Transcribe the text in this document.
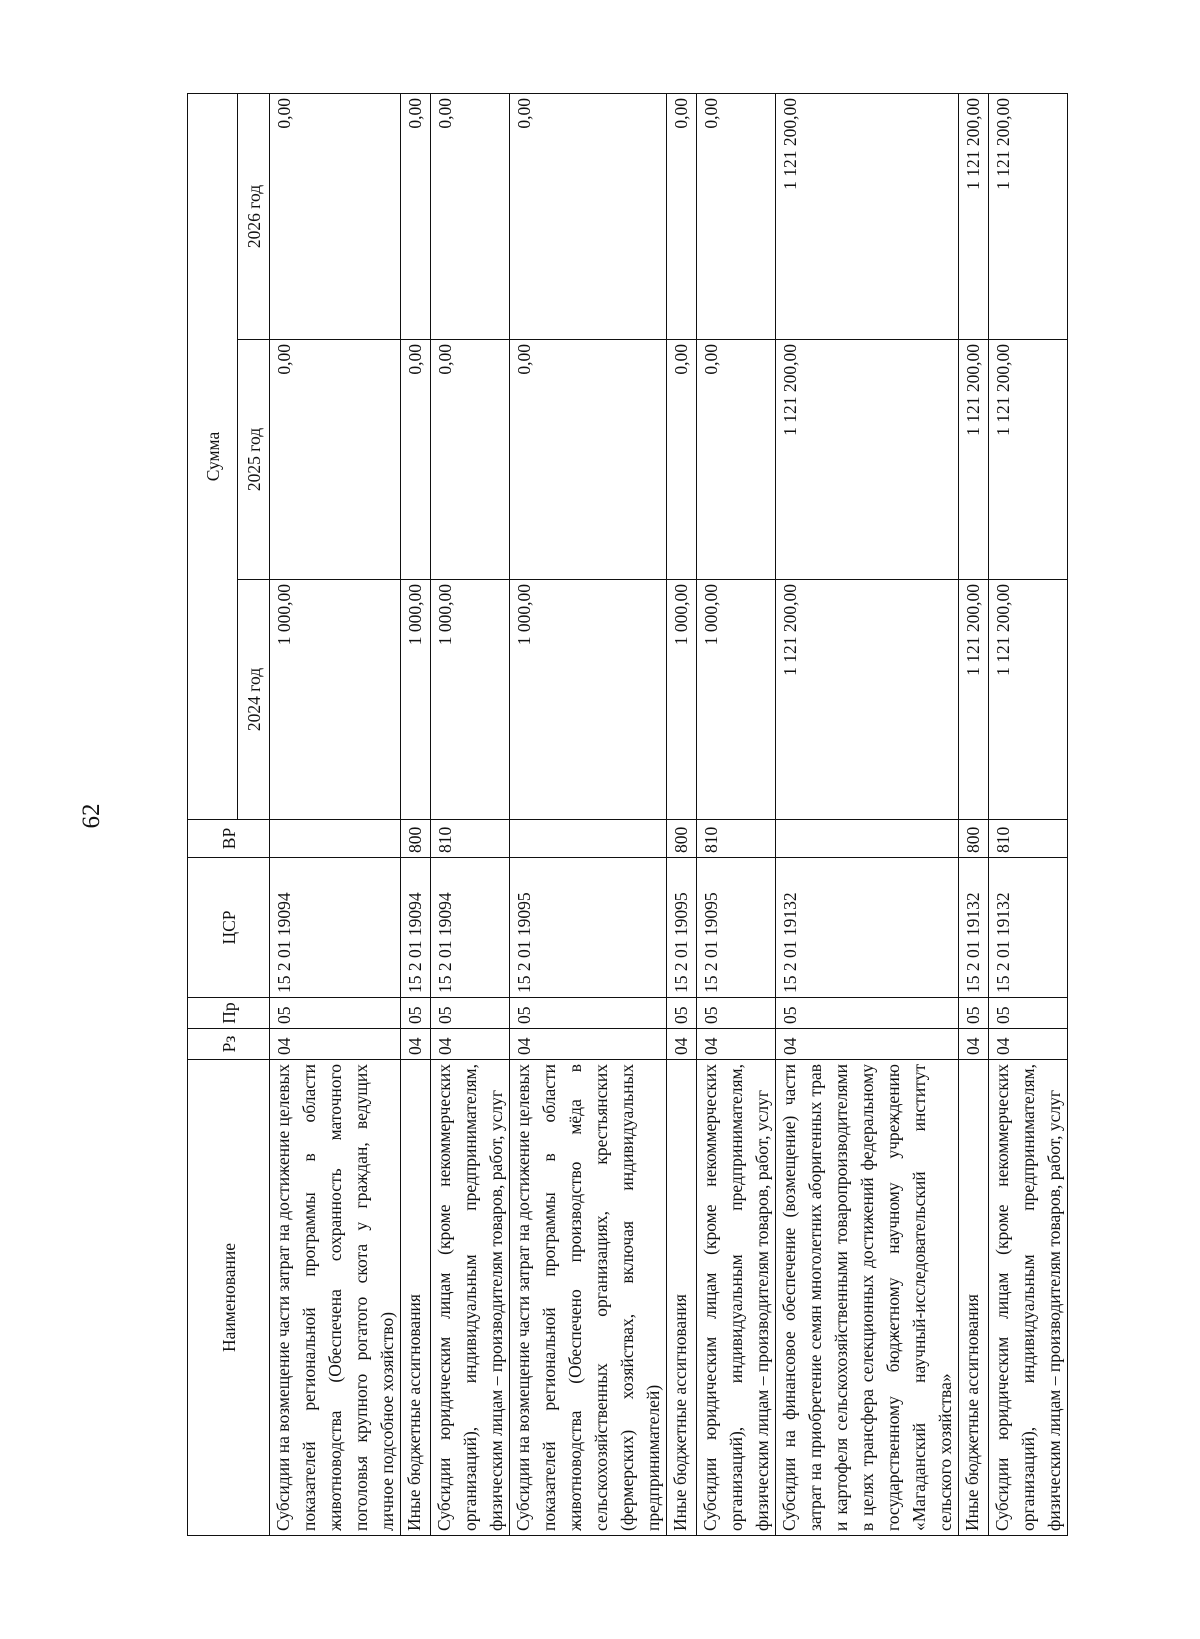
62
Наименование	Рз	Пр	ЦСР	ВР	Сумма		
					2024 год	2025 год	2026 год
Субсидии на возмещение части затрат на достижение целевых показателей региональной программы в области животноводства (Обеспечена сохранность маточного поголовья крупного рогатого скота у граждан, ведущих личное подсобное хозяйство)	04	05	15 2 01 19094		1 000,00	0,00	0,00
Иные бюджетные ассигнования	04	05	15 2 01 19094	800	1 000,00	0,00	0,00
Субсидии юридическим лицам (кроме некоммерческих организаций), индивидуальным предпринимателям, физическим лицам – производителям товаров, работ, услуг	04	05	15 2 01 19094	810	1 000,00	0,00	0,00
Субсидии на возмещение части затрат на достижение целевых показателей региональной программы в области животноводства (Обеспечено производство мёда в сельскохозяйственных организациях, крестьянских (фермерских) хозяйствах, включая индивидуальных предпринимателей)	04	05	15 2 01 19095		1 000,00	0,00	0,00
Иные бюджетные ассигнования	04	05	15 2 01 19095	800	1 000,00	0,00	0,00
Субсидии юридическим лицам (кроме некоммерческих организаций), индивидуальным предпринимателям, физическим лицам – производителям товаров, работ, услуг	04	05	15 2 01 19095	810	1 000,00	0,00	0,00
Субсидии на финансовое обеспечение (возмещение) части затрат на приобретение семян многолетних аборигенных трав и картофеля сельскохозяйственными товаропроизводителями в целях трансфера селекционных достижений федеральному государственному бюджетному научному учреждению «Магаданский научный-исследовательский институт сельского хозяйства»	04	05	15 2 01 19132		1 121 200,00	1 121 200,00	1 121 200,00
Иные бюджетные ассигнования	04	05	15 2 01 19132	800	1 121 200,00	1 121 200,00	1 121 200,00
Субсидии юридическим лицам (кроме некоммерческих организаций), индивидуальным предпринимателям, физическим лицам – производителям товаров, работ, услуг	04	05	15 2 01 19132	810	1 121 200,00	1 121 200,00	1 121 200,00
